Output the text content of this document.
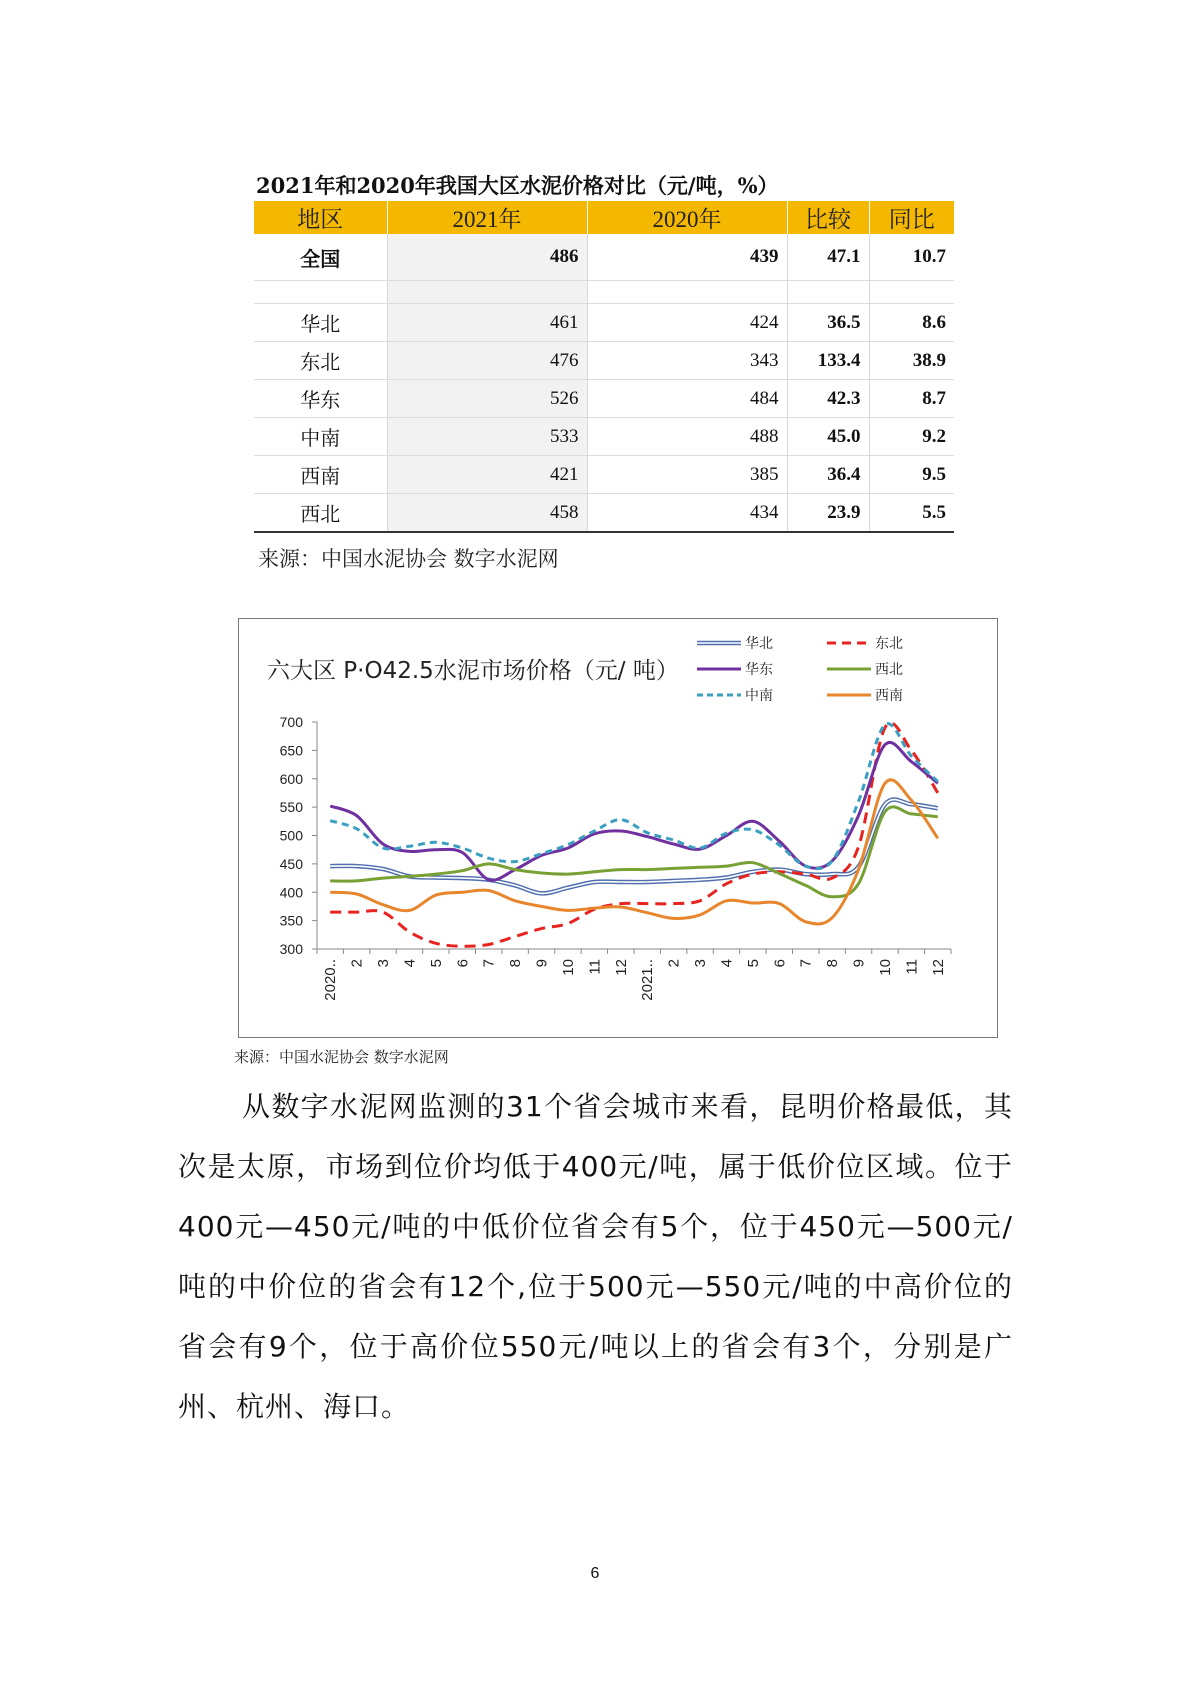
2021年和2020年我国大区水泥价格对比（元/吨，%）
地区	2021年	2020年	比较	同比
全国	486	439	47.1	10.7

华北	461	424	36.5	8.6
东北	476	343	133.4	38.9
华东	526	484	42.3	8.7
中南	533	488	45.0	9.2
西南	421	385	36.4	9.5
西北	458	434	23.9	5.5
来源：中国水泥协会 数字水泥网
六大区 P·O42.5水泥市场价格（元/ 吨）
300
350
400
450
500
550
600
650
700
2020.. 2 3 4 5 6 7 8 9 10 11 12 2021.. 2 3 4 5 6 7 8 9 10 11 12
华北	东北
华东	西北
中南	西南
来源：中国水泥协会 数字水泥网
从数字水泥网监测的31个省会城市来看，昆明价格最低，其次是太原，市场到位价均低于400元/吨，属于低价位区域。位于400元—450元/吨的中低价位省会有5个，位于450元—500元/吨的中价位的省会有12个,位于500元—550元/吨的中高价位的省会有9个，位于高价位550元/吨以上的省会有3个，分别是广州、杭州、海口。
6
